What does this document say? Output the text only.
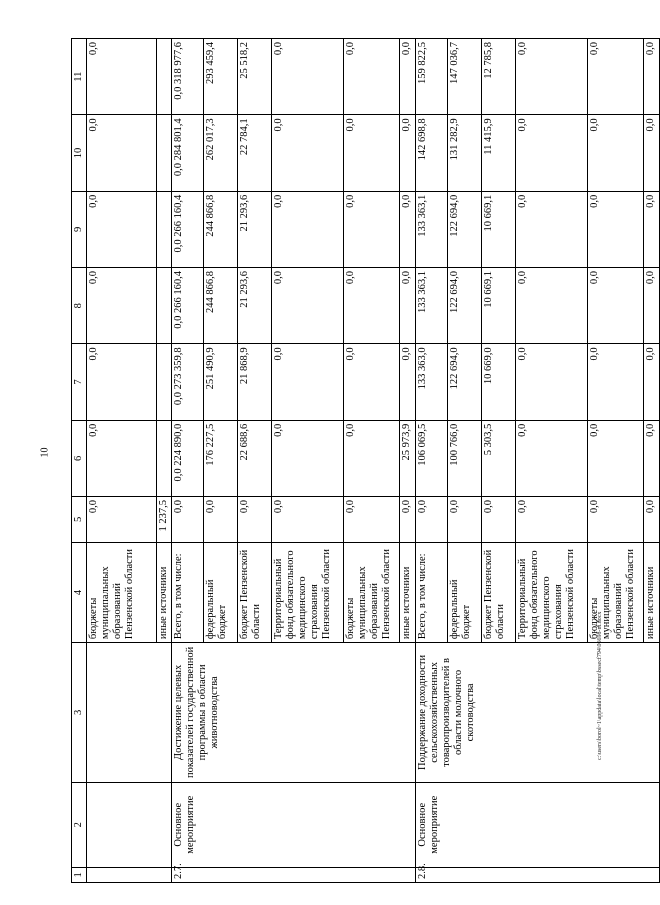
10
c:\users\borol~1\appdata\local\temp\bssecf794\06698-m.docx
1	2	3	4	5	6	7	8	9	10	11
			бюджеты муниципальных образований Пензенской области	0,0	0,0	0,0	0,0	0,0	0,0	0,0
			иные источники	1 237,5						
2.7.	Основное мероприятие	Достижение целевых показателей государственной программы в области животноводства	Всего, в том числе:	0,0	0,0 224 890,0	0,0 273 359,8	0,0 266 160,4	0,0 266 160,4	0,0 284 801,4	0,0 318 977,6
			федеральный бюджет	0,0	176 227,5	251 490,9	244 866,8	244 866,8	262 017,3	293 459,4
			бюджет Пензенской области	0,0	22 688,6	21 868,9	21 293,6	21 293,6	22 784,1	25 518,2
			Территориальный фонд обязательного медицинского страхования Пензенской области	0,0	0,0	0,0	0,0	0,0	0,0	0,0
			бюджеты муниципальных образований Пензенской области	0,0	0,0	0,0	0,0	0,0	0,0	0,0
			иные источники	0,0	25 973,9	0,0	0,0	0,0	0,0	0,0
2.8.	Основное мероприятие	Поддержание доходности сельскохозяйственных товаропроизводителей в области молочного скотоводства	Всего, в том числе:	0,0	106 069,5	133 363,0	133 363,1	133 363,1	142 698,8	159 822,5
			федеральный бюджет	0,0	100 766,0	122 694,0	122 694,0	122 694,0	131 282,9	147 036,7
			бюджет Пензенской области	0,0	5 303,5	10 669,0	10 669,1	10 669,1	11 415,9	12 785,8
			Территориальный фонд обязательного медицинского страхования Пензенской области	0,0	0,0	0,0	0,0	0,0	0,0	0,0
			бюджеты муниципальных образований Пензенской области	0,0	0,0	0,0	0,0	0,0	0,0	0,0
			иные источники	0,0	0,0	0,0	0,0	0,0	0,0	0,0
